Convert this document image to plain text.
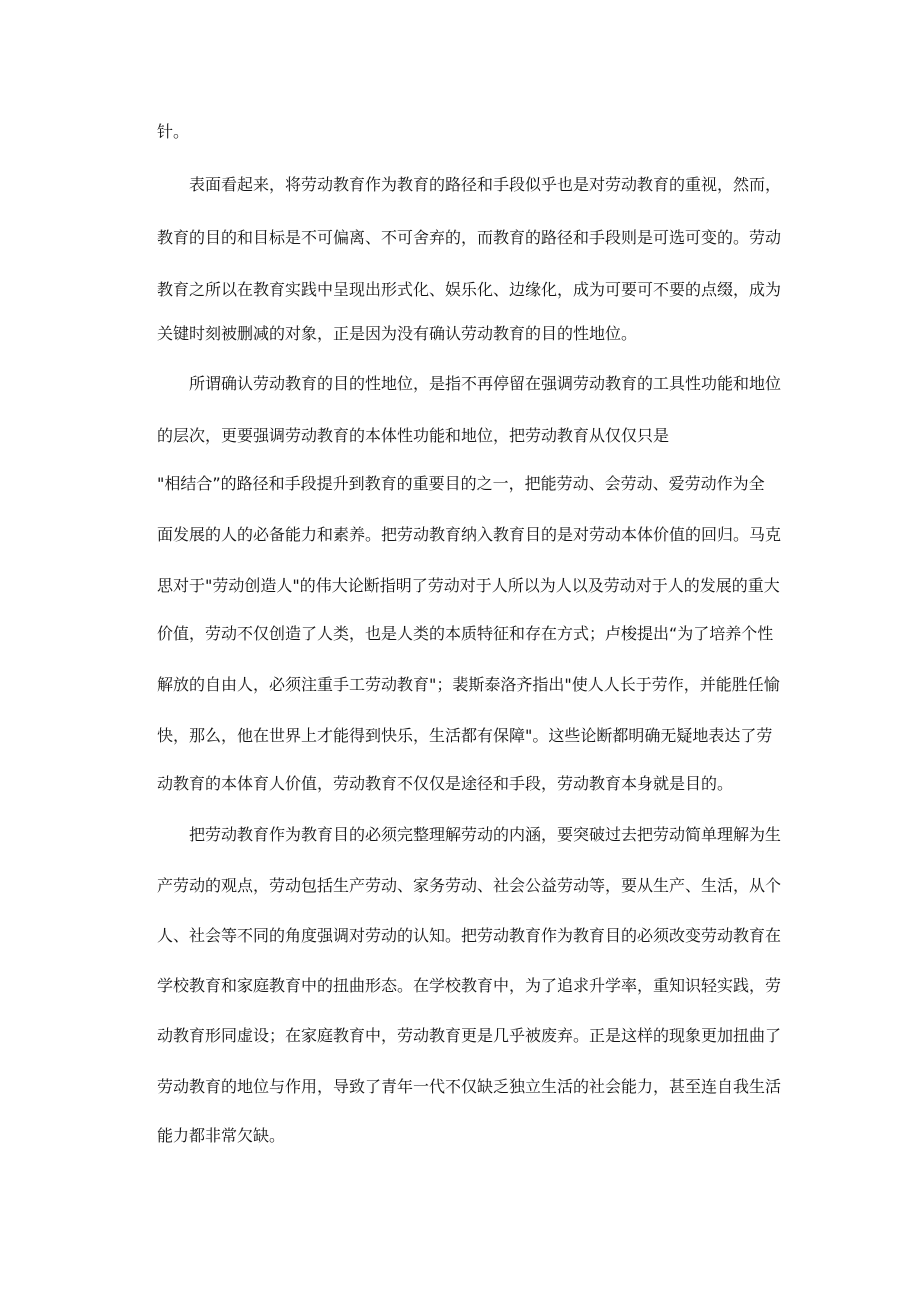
针。
表面看起来，将劳动教育作为教育的路径和手段似乎也是对劳动教育的重视，然而，
教育的目的和目标是不可偏离、不可舍弃的，而教育的路径和手段则是可选可变的。劳动
教育之所以在教育实践中呈现出形式化、娱乐化、边缘化，成为可要可不要的点缀，成为
关键时刻被删减的对象，正是因为没有确认劳动教育的目的性地位。
所谓确认劳动教育的目的性地位，是指不再停留在强调劳动教育的工具性功能和地位
的层次，更要强调劳动教育的本体性功能和地位，把劳动教育从仅仅只是
"相结合”的路径和手段提升到教育的重要目的之一，把能劳动、会劳动、爱劳动作为全
面发展的人的必备能力和素养。把劳动教育纳入教育目的是对劳动本体价值的回归。马克
思对于"劳动创造人"的伟大论断指明了劳动对于人所以为人以及劳动对于人的发展的重大
价值，劳动不仅创造了人类，也是人类的本质特征和存在方式；卢梭提出“为了培养个性
解放的自由人，必须注重手工劳动教育"；裴斯泰洛齐指出"使人人长于劳作，并能胜任愉
快，那么，他在世界上才能得到快乐，生活都有保障"。这些论断都明确无疑地表达了劳
动教育的本体育人价值，劳动教育不仅仅是途径和手段，劳动教育本身就是目的。
把劳动教育作为教育目的必须完整理解劳动的内涵，要突破过去把劳动简单理解为生
产劳动的观点，劳动包括生产劳动、家务劳动、社会公益劳动等，要从生产、生活，从个
人、社会等不同的角度强调对劳动的认知。把劳动教育作为教育目的必须改变劳动教育在
学校教育和家庭教育中的扭曲形态。在学校教育中，为了追求升学率，重知识轻实践，劳
动教育形同虚设；在家庭教育中，劳动教育更是几乎被废弃。正是这样的现象更加扭曲了
劳动教育的地位与作用，导致了青年一代不仅缺乏独立生活的社会能力，甚至连自我生活
能力都非常欠缺。
